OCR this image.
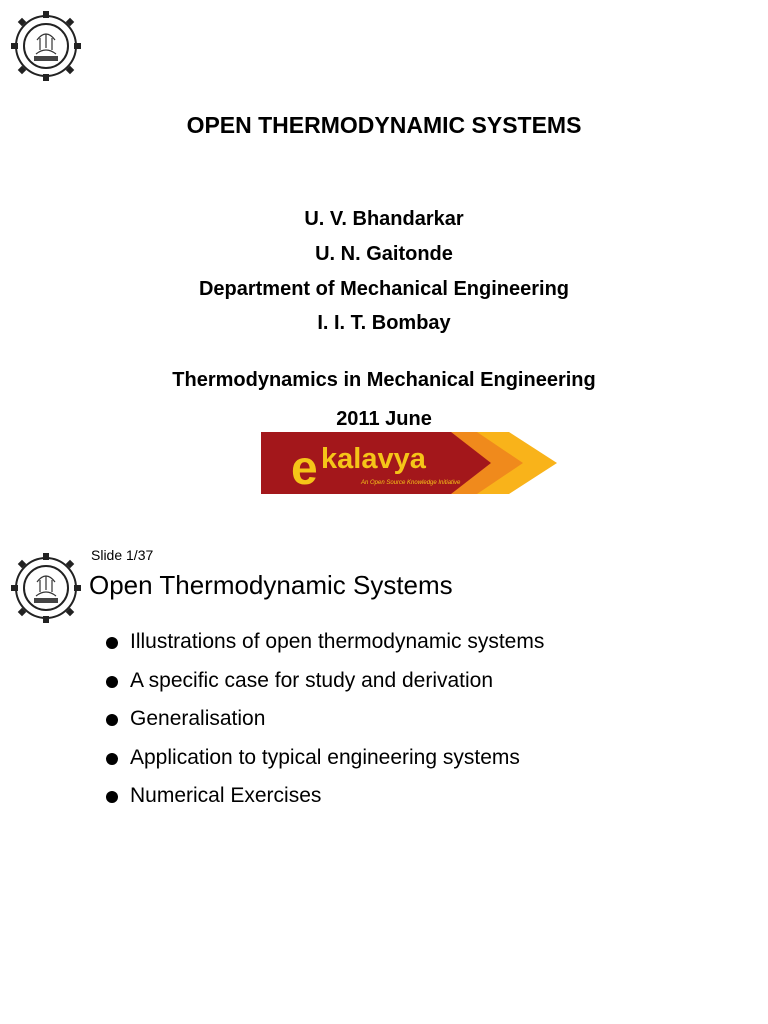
OPEN THERMODYNAMIC SYSTEMS
U. V. Bhandarkar
U. N. Gaitonde
Department of Mechanical Engineering
I. I. T. Bombay
Thermodynamics in Mechanical Engineering
2011 June
e kalavya
An Open Source Knowledge Initiative
Slide 1/37
Open Thermodynamic Systems
Illustrations of open thermodynamic systems
A specific case for study and derivation
Generalisation
Application to typical engineering systems
Numerical Exercises
